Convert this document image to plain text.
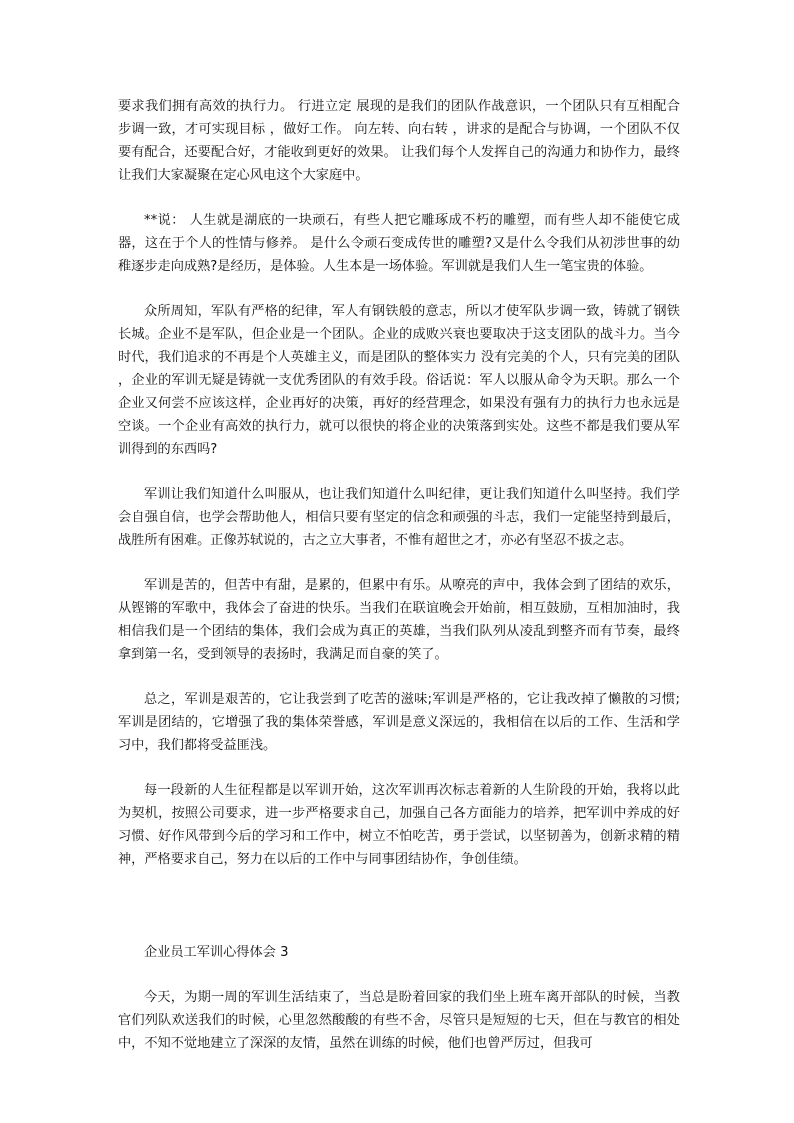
要求我们拥有高效的执行力。 行进立定 展现的是我们的团队作战意识，一个团队只有互相配合步调一致，才可实现目标 ，做好工作。 向左转、向右转 ，讲求的是配合与协调，一个团队不仅要有配合，还要配合好，才能收到更好的效果。 让我们每个人发挥自己的沟通力和协作力，最终让我们大家凝聚在定心风电这个大家庭中。

**说： 人生就是湖底的一块顽石，有些人把它雕琢成不朽的雕塑，而有些人却不能使它成器，这在于个人的性情与修养。 是什么令顽石变成传世的雕塑?又是什么令我们从初涉世事的幼稚逐步走向成熟?是经历，是体验。人生本是一场体验。军训就是我们人生一笔宝贵的体验。

众所周知，军队有严格的纪律，军人有钢铁般的意志，所以才使军队步调一致，铸就了钢铁长城。企业不是军队，但企业是一个团队。企业的成败兴衰也要取决于这支团队的战斗力。当今时代，我们追求的不再是个人英雄主义，而是团队的整体实力 没有完美的个人，只有完美的团队 ，企业的军训无疑是铸就一支优秀团队的有效手段。俗话说：军人以服从命令为天职。那么一个企业又何尝不应该这样，企业再好的决策，再好的经营理念，如果没有强有力的执行力也永远是空谈。一个企业有高效的执行力，就可以很快的将企业的决策落到实处。这些不都是我们要从军训得到的东西吗?

军训让我们知道什么叫服从，也让我们知道什么叫纪律，更让我们知道什么叫坚持。我们学会自强自信，也学会帮助他人，相信只要有坚定的信念和顽强的斗志，我们一定能坚持到最后，战胜所有困难。正像苏轼说的，古之立大事者，不惟有超世之才，亦必有坚忍不拔之志。

军训是苦的，但苦中有甜，是累的，但累中有乐。从嘹亮的声中，我体会到了团结的欢乐，从铿锵的军歌中，我体会了奋进的快乐。当我们在联谊晚会开始前，相互鼓励，互相加油时，我相信我们是一个团结的集体，我们会成为真正的英雄，当我们队列从凌乱到整齐而有节奏，最终拿到第一名，受到领导的表扬时，我满足而自豪的笑了。

总之，军训是艰苦的，它让我尝到了吃苦的滋味;军训是严格的，它让我改掉了懒散的习惯;军训是团结的，它增强了我的集体荣誉感，军训是意义深远的，我相信在以后的工作、生活和学习中，我们都将受益匪浅。

每一段新的人生征程都是以军训开始，这次军训再次标志着新的人生阶段的开始，我将以此为契机，按照公司要求，进一步严格要求自己，加强自己各方面能力的培养，把军训中养成的好习惯、好作风带到今后的学习和工作中，树立不怕吃苦，勇于尝试，以坚韧善为，创新求精的精神，严格要求自己，努力在以后的工作中与同事团结协作，争创佳绩。

企业员工军训心得体会 3

今天，为期一周的军训生活结束了，当总是盼着回家的我们坐上班车离开部队的时候，当教官们列队欢送我们的时候，心里忽然酸酸的有些不舍，尽管只是短短的七天，但在与教官的相处中，不知不觉地建立了深深的友情，虽然在训练的时候，他们也曾严厉过，但我可
